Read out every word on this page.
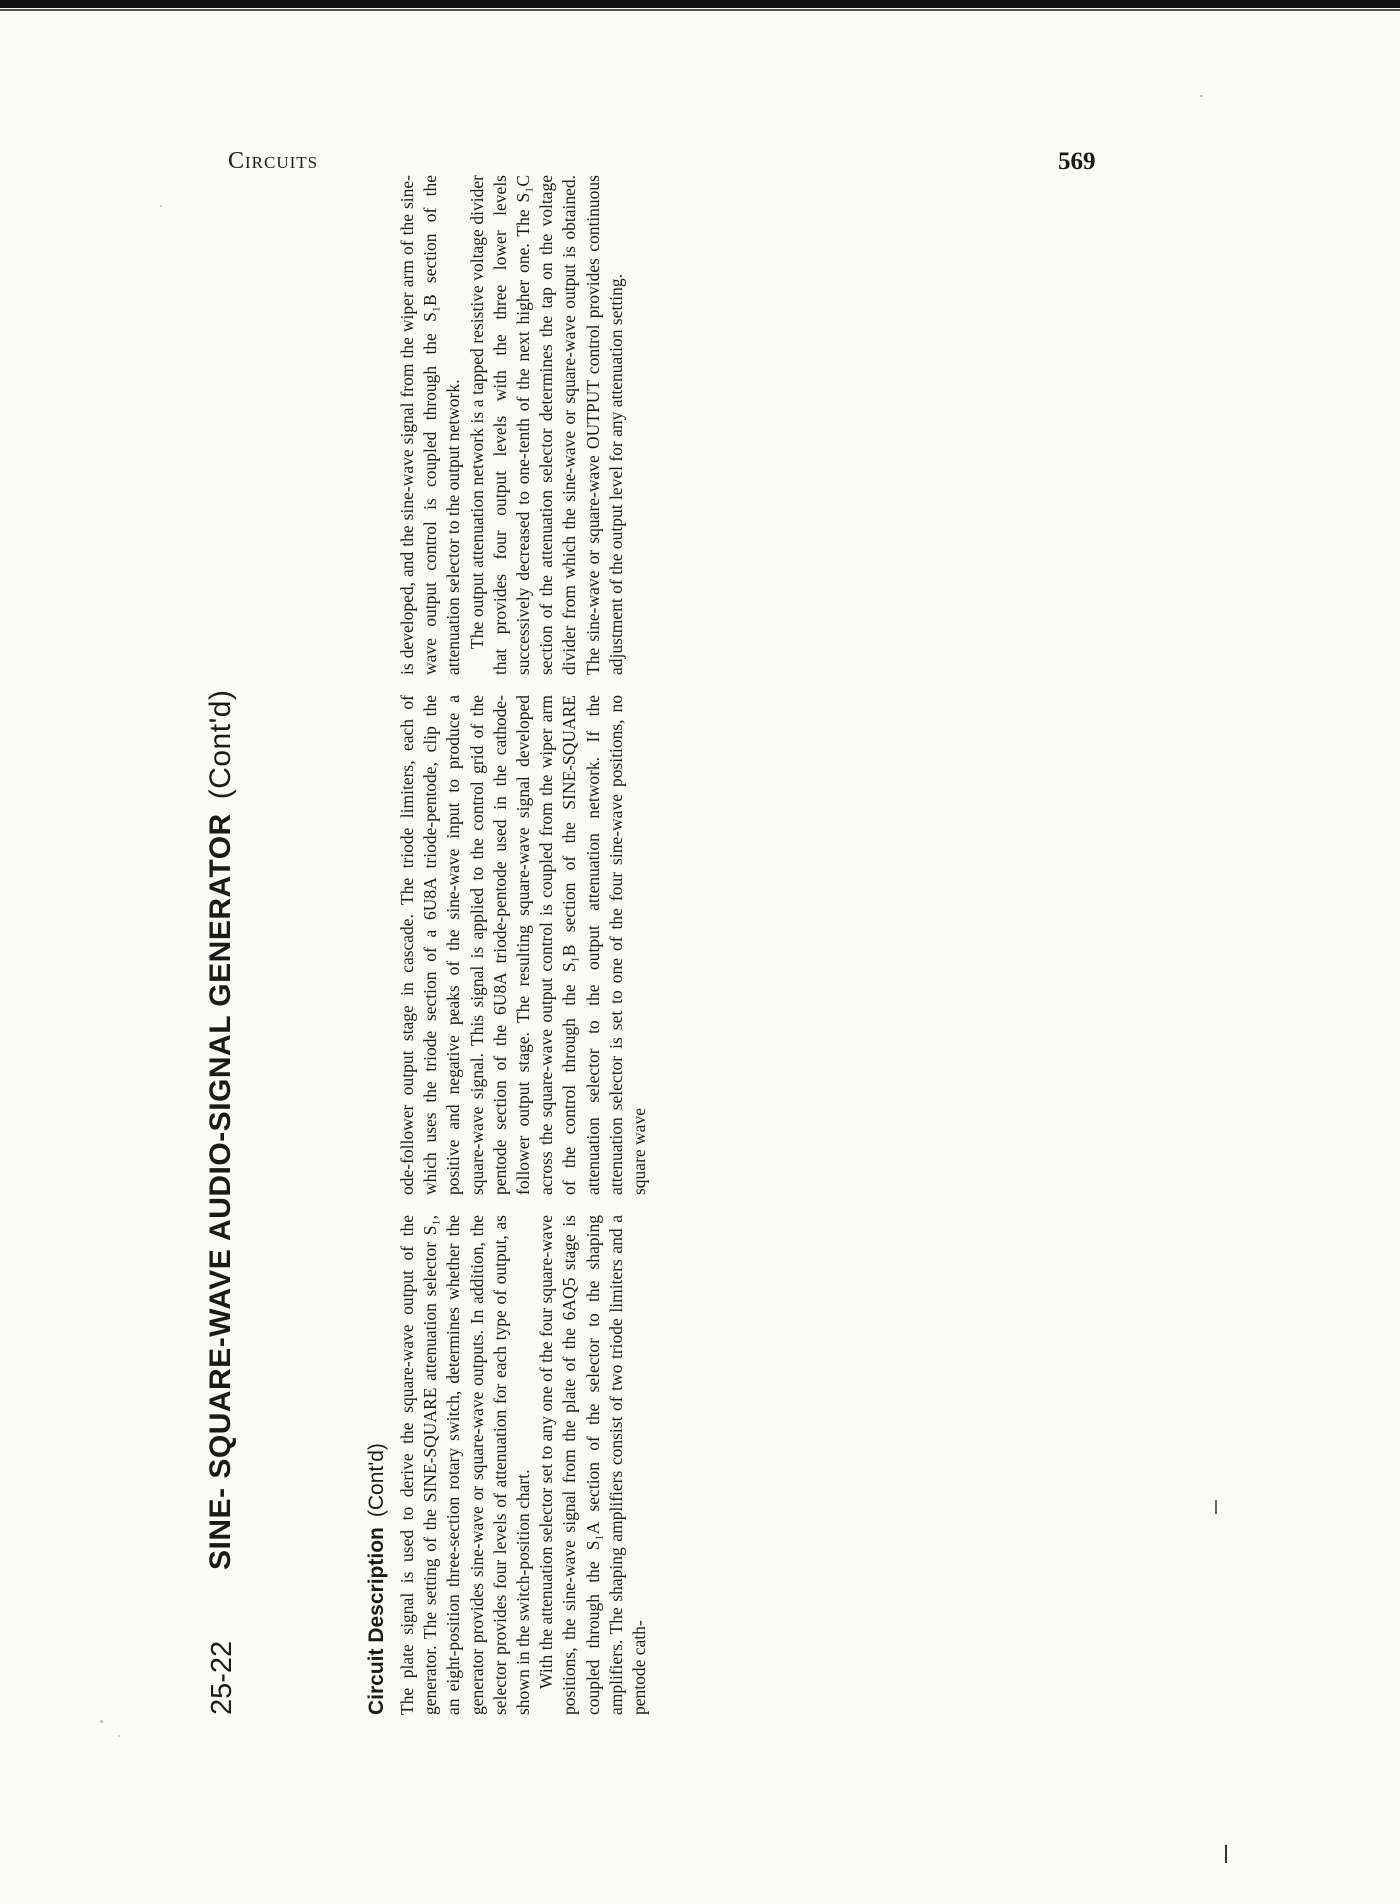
Circuits	569
25-22
SINE- SQUARE-WAVE AUDIO-SIGNAL GENERATOR(Cont'd)
Circuit Description(Cont'd) The plate signal is used to derive the square-wave output of the generator. The setting of the SINE-SQUARE attenuation selector S₁, an eight-position three-section rotary switch, determines whether the generator provides sine-wave or square-wave outputs. In addition, the selector provides four levels of attenuation for each type of output, as shown in the switch-position chart. With the attenuation selector set to any one of the four square-wave positions, the sine-wave signal from the plate of the 6AQ5 stage is coupled through the S₁A section of the selector to the shaping amplifiers. The shaping amplifiers consist of two triode limiters and a pentode cath-

ode-follower output stage in cascade. The triode limiters, each of which uses the triode section of a 6U8A triode-pentode, clip the positive and negative peaks of the sine-wave input to produce a square-wave signal. This signal is applied to the control grid of the pentode section of the 6U8A triode-pentode used in the cathode-follower output stage. The resulting square-wave signal developed across the square-wave output control is coupled from the wiper arm of the control through the S₁B section of the SINE-SQUARE attenuation selector to the output attenuation network. If the attenuation selector is set to one of the four sine-wave positions, no square wave

is developed, and the sine-wave signal from the wiper arm of the sine-wave output control is coupled through the S₁B section of the attenuation selector to the output network. The output attenuation network is a tapped resistive voltage divider that provides four output levels with the three lower levels successively decreased to one-tenth of the next higher one. The S₁C section of the attenuation selector determines the tap on the voltage divider from which the sine-wave or square-wave output is obtained. The sine-wave or square-wave OUTPUT control provides continuous adjustment of the output level for any attenuation setting.
